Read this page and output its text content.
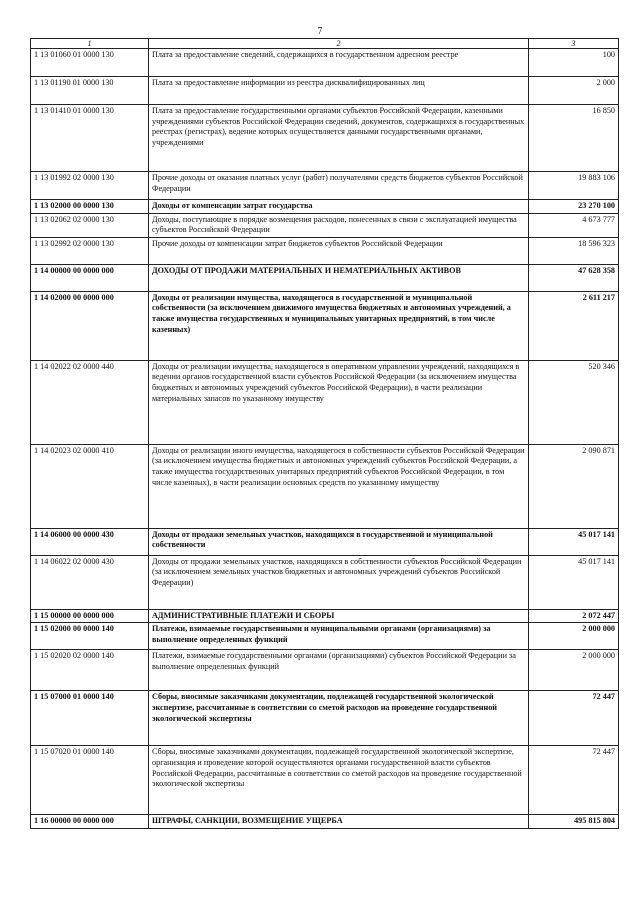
7
1	2	3
1 13 01060 01 0000 130	Плата за предоставление сведений, содержащихся в государственном адресном реестре	100
1 13 01190 01 0000 130	Плата за предоставление информации из реестра дисквалифицированных лиц	2 000
1 13 01410 01 0000 130	Плата за предоставление государственными органами субъектов Российской Федерации, казенными учреждениями субъектов Российской Федерации сведений, документов, содержащихся в государственных реестрах (регистрах), ведение которых осуществляется данными государственными органами, учреждениями	16 850
1 13 01992 02 0000 130	Прочие доходы от оказания платных услуг (работ) получателями средств бюджетов субъектов Российской Федерации	19 883 106
1 13 02000 00 0000 130	Доходы от компенсации затрат государства	23 270 100
1 13 02062 02 0000 130	Доходы, поступающие в порядке возмещения расходов, понесенных в связи с эксплуатацией имущества субъектов Российской Федерации	4 673 777
1 13 02992 02 0000 130	Прочие доходы от компенсации затрат бюджетов субъектов Российской Федерации	18 596 323
1 14 00000 00 0000 000	ДОХОДЫ ОТ ПРОДАЖИ МАТЕРИАЛЬНЫХ И НЕМАТЕРИАЛЬНЫХ АКТИВОВ	47 628 358
1 14 02000 00 0000 000	Доходы от реализации имущества, находящегося в государственной и муниципальной собственности (за исключением движимого имущества бюджетных и автономных учреждений, а также имущества государственных и муниципальных унитарных предприятий, в том числе казенных)	2 611 217
1 14 02022 02 0000 440	Доходы от реализации имущества, находящегося в оперативном управлении учреждений, находящихся в ведении органов государственной власти субъектов Российской Федерации (за исключением имущества бюджетных и автономных учреждений субъектов Российской Федерации), в части реализации материальных запасов по указанному имуществу	520 346
1 14 02023 02 0000 410	Доходы от реализации иного имущества, находящегося в собственности субъектов Российской Федерации (за исключением имущества бюджетных и автономных учреждений субъектов Российской Федерации, а также имущества государственных унитарных предприятий субъектов Российской Федерации, в том числе казенных), в части реализации основных средств по указанному имуществу	2 090 871
1 14 06000 00 0000 430	Доходы от продажи земельных участков, находящихся в государственной и муниципальной собственности	45 017 141
1 14 06022 02 0000 430	Доходы от продажи земельных участков, находящихся в собственности субъектов Российской Федерации (за исключением земельных участков бюджетных и автономных учреждений субъектов Российской Федерации)	45 017 141
1 15 00000 00 0000 000	АДМИНИСТРАТИВНЫЕ ПЛАТЕЖИ И СБОРЫ	2 072 447
1 15 02000 00 0000 140	Платежи, взимаемые государственными и муниципальными органами (организациями) за выполнение определенных функций	2 000 000
1 15 02020 02 0000 140	Платежи, взимаемые государственными органами (организациями) субъектов Российской Федерации за выполнение определенных функций	2 000 000
1 15 07000 01 0000 140	Сборы, вносимые заказчиками документации, подлежащей государственной экологической экспертизе, рассчитанные в соответствии со сметой расходов на проведение государственной экологической экспертизы	72 447
1 15 07020 01 0000 140	Сборы, вносимые заказчиками документации, подлежащей государственной экологической экспертизе, организация и проведение которой осуществляются органами государственной власти субъектов Российской Федерации, рассчитанные в соответствии со сметой расходов на проведение государственной экологической экспертизы	72 447
1 16 00000 00 0000 000	ШТРАФЫ, САНКЦИИ, ВОЗМЕЩЕНИЕ УЩЕРБА	495 815 804
